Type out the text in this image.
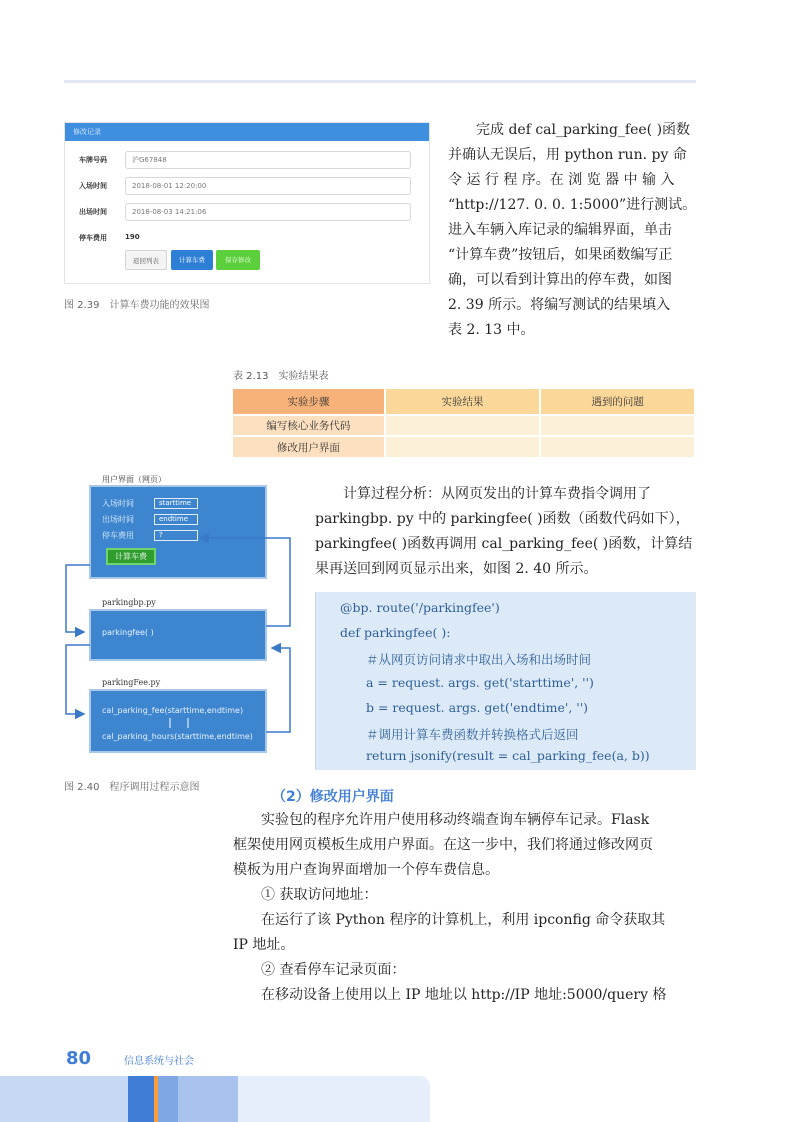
修改记录
车牌号码	沪G67848
入场时间	2018-08-01 12:20:00
出场时间	2018-08-03 14:21:06
停车费用	190
返回列表	计算车费	保存修改
图 2.39　计算车费功能的效果图
完成 def cal_parking_fee( )函数
并确认无误后，用 python run. py 命
令 运 行 程 序。在 浏 览 器 中 输 入
“http://127. 0. 0. 1:5000”进行测试。
进入车辆入库记录的编辑界面，单击
“计算车费”按钮后，如果函数编写正
确，可以看到计算出的停车费，如图
2. 39 所示。将编写测试的结果填入
表 2. 13 中。
表 2.13　实验结果表
实验步骤	实验结果	遇到的问题
编写核心业务代码		
修改用户界面		
用户界面（网页）
入场时间
出场时间
停车费用
starttime
endtime
?
计算车费
parkingbp.py
parkingfee( )
parkingFee.py
cal_parking_fee(starttime,endtime)
cal_parking_hours(starttime,endtime)
图 2.40　程序调用过程示意图
计算过程分析：从网页发出的计算车费指令调用了
parkingbp. py 中的 parkingfee( )函数（函数代码如下），
parkingfee( )函数再调用 cal_parking_fee( )函数，计算结
果再送回到网页显示出来，如图 2. 40 所示。
@bp. route('/parkingfee')
def parkingfee( ):
＃从网页访问请求中取出入场和出场时间
a = request. args. get('starttime', '')
b = request. args. get('endtime', '')
＃调用计算车费函数并转换格式后返回
return jsonify(result = cal_parking_fee(a, b))
（2）修改用户界面
实验包的程序允许用户使用移动终端查询车辆停车记录。Flask
框架使用网页模板生成用户界面。在这一步中，我们将通过修改网页
模板为用户查询界面增加一个停车费信息。
① 获取访问地址：
在运行了该 Python 程序的计算机上，利用 ipconfig 命令获取其
IP 地址。
② 查看停车记录页面：
在移动设备上使用以上 IP 地址以 http://IP 地址:5000/query 格
80	信息系统与社会
